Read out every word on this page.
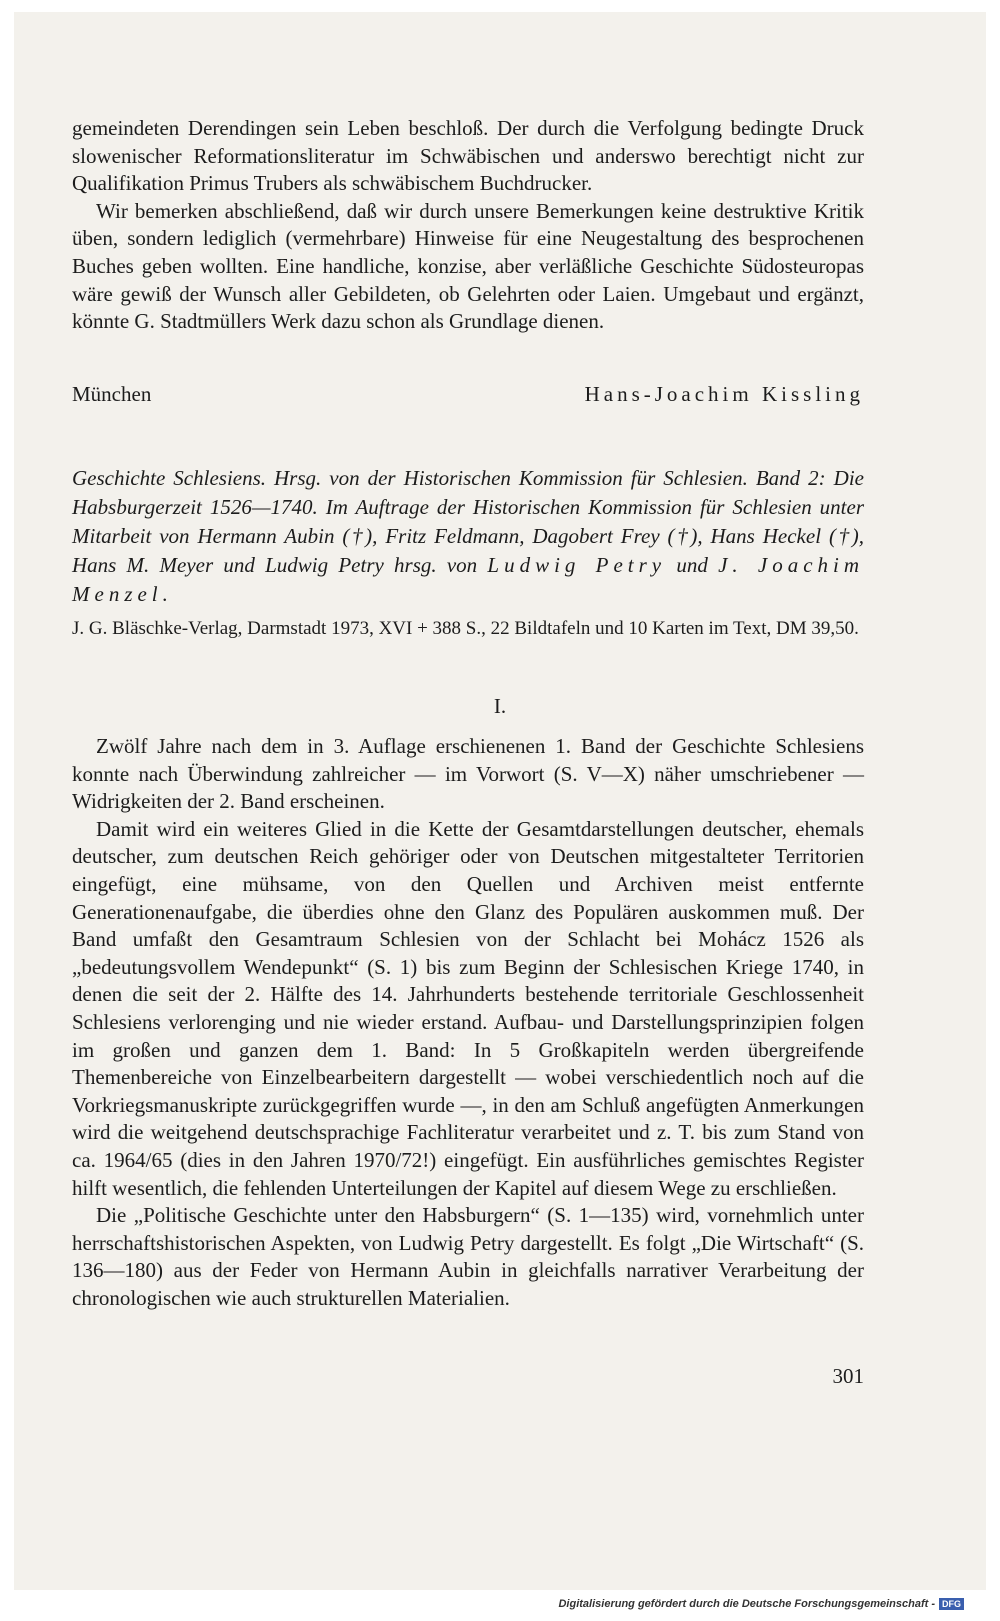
gemeindeten Derendingen sein Leben beschloß. Der durch die Verfolgung bedingte Druck slowenischer Reformationsliteratur im Schwäbischen und anderswo berechtigt nicht zur Qualifikation Primus Trubers als schwäbischem Buchdrucker.

Wir bemerken abschließend, daß wir durch unsere Bemerkungen keine destruktive Kritik üben, sondern lediglich (vermehrbare) Hinweise für eine Neugestaltung des besprochenen Buches geben wollten. Eine handliche, konzise, aber verläßliche Geschichte Südosteuropas wäre gewiß der Wunsch aller Gebildeten, ob Gelehrten oder Laien. Umgebaut und ergänzt, könnte G. Stadtmüllers Werk dazu schon als Grundlage dienen.

München	Hans-Joachim Kissling
Geschichte Schlesiens. Hrsg. von der Historischen Kommission für Schlesien. Band 2: Die Habsburgerzeit 1526—1740. Im Auftrage der Historischen Kommission für Schlesien unter Mitarbeit von Hermann Aubin (†), Fritz Feldmann, Dagobert Frey (†), Hans Heckel (†), Hans M. Meyer und Ludwig Petry hrsg. von Ludwig Petry und J. Joachim Menzel.
J. G. Bläschke-Verlag, Darmstadt 1973, XVI + 388 S., 22 Bildtafeln und 10 Karten im Text, DM 39,50.
I.

Zwölf Jahre nach dem in 3. Auflage erschienenen 1. Band der Geschichte Schlesiens konnte nach Überwindung zahlreicher — im Vorwort (S. V—X) näher umschriebener — Widrigkeiten der 2. Band erscheinen.

Damit wird ein weiteres Glied in die Kette der Gesamtdarstellungen deutscher, ehemals deutscher, zum deutschen Reich gehöriger oder von Deutschen mitgestalteter Territorien eingefügt, eine mühsame, von den Quellen und Archiven meist entfernte Generationenaufgabe, die überdies ohne den Glanz des Populären auskommen muß. Der Band umfaßt den Gesamtraum Schlesien von der Schlacht bei Mohácz 1526 als „bedeutungsvollem Wendepunkt“ (S. 1) bis zum Beginn der Schlesischen Kriege 1740, in denen die seit der 2. Hälfte des 14. Jahrhunderts bestehende territoriale Geschlossenheit Schlesiens verlorenging und nie wieder erstand. Aufbau- und Darstellungsprinzipien folgen im großen und ganzen dem 1. Band: In 5 Großkapiteln werden übergreifende Themenbereiche von Einzelbearbeitern dargestellt — wobei verschiedentlich noch auf die Vorkriegsmanuskripte zurückgegriffen wurde —, in den am Schluß angefügten Anmerkungen wird die weitgehend deutschsprachige Fachliteratur verarbeitet und z. T. bis zum Stand von ca. 1964/65 (dies in den Jahren 1970/72!) eingefügt. Ein ausführliches gemischtes Register hilft wesentlich, die fehlenden Unterteilungen der Kapitel auf diesem Wege zu erschließen.

Die „Politische Geschichte unter den Habsburgern“ (S. 1—135) wird, vornehmlich unter herrschaftshistorischen Aspekten, von Ludwig Petry dargestellt. Es folgt „Die Wirtschaft“ (S. 136—180) aus der Feder von Hermann Aubin in gleichfalls narrativer Verarbeitung der chronologischen wie auch strukturellen Materialien.

301
Digitalisierung gefördert durch die Deutsche Forschungsgemeinschaft - DFG
